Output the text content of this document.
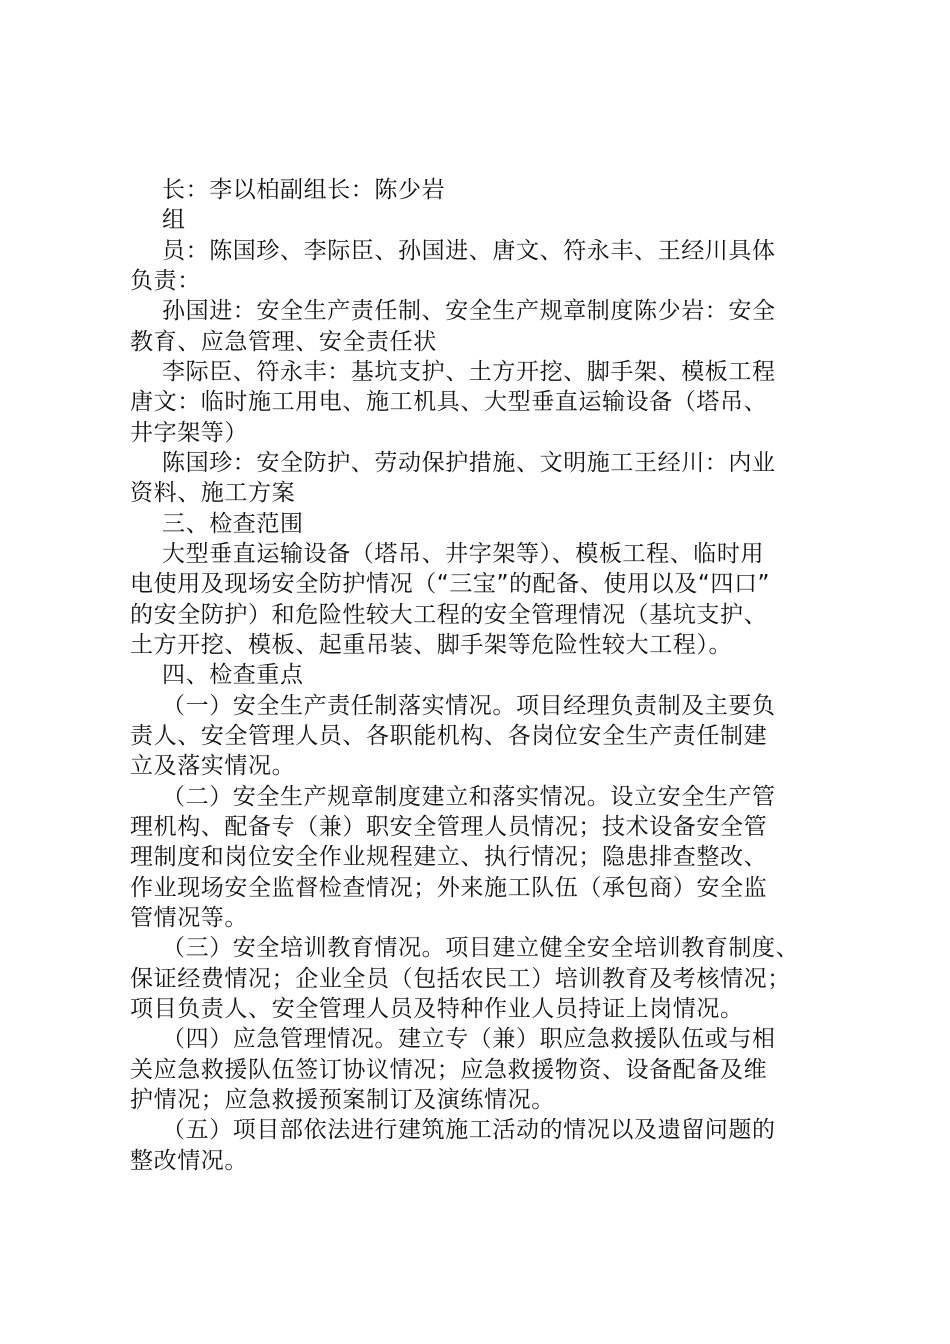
长：李以柏副组长：陈少岩
组
员：陈国珍、李际臣、孙国进、唐文、符永丰、王经川具体
负责：
孙国进：安全生产责任制、安全生产规章制度陈少岩：安全
教育、应急管理、安全责任状
李际臣、符永丰：基坑支护、土方开挖、脚手架、模板工程
唐文：临时施工用电、施工机具、大型垂直运输设备（塔吊、
井字架等）
陈国珍：安全防护、劳动保护措施、文明施工王经川：内业
资料、施工方案
三、检查范围
大型垂直运输设备（塔吊、井字架等）、模板工程、临时用
电使用及现场安全防护情况（“三宝”的配备、使用以及“四口”
的安全防护）和危险性较大工程的安全管理情况（基坑支护、
土方开挖、模板、起重吊装、脚手架等危险性较大工程）。
四、检查重点
（一）安全生产责任制落实情况。项目经理负责制及主要负
责人、安全管理人员、各职能机构、各岗位安全生产责任制建
立及落实情况。
（二）安全生产规章制度建立和落实情况。设立安全生产管
理机构、配备专（兼）职安全管理人员情况；技术设备安全管
理制度和岗位安全作业规程建立、执行情况；隐患排查整改、
作业现场安全监督检查情况；外来施工队伍（承包商）安全监
管情况等。
（三）安全培训教育情况。项目建立健全安全培训教育制度、
保证经费情况；企业全员（包括农民工）培训教育及考核情况；
项目负责人、安全管理人员及特种作业人员持证上岗情况。
（四）应急管理情况。建立专（兼）职应急救援队伍或与相
关应急救援队伍签订协议情况；应急救援物资、设备配备及维
护情况；应急救援预案制订及演练情况。
（五）项目部依法进行建筑施工活动的情况以及遗留问题的
整改情况。
